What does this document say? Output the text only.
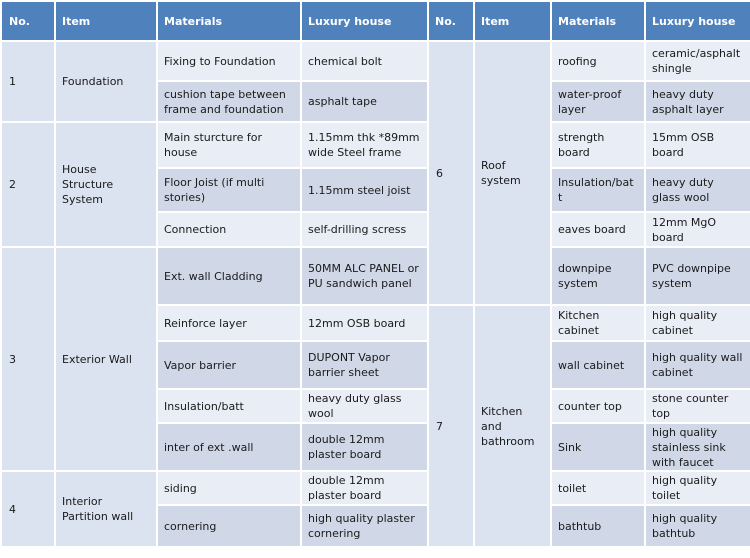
No.	Item	Materials	Luxury house	No.	Item	Materials	Luxury house
1	Foundation	Fixing to Foundation	chemical bolt	6	Roof system	roofing	ceramic/asphalt shingle
		cushion tape between frame and foundation	asphalt tape			water-proof layer	heavy duty asphalt layer
2	House Structure System	Main sturcture for house	1.15mm thk *89mm wide Steel frame			strength board	15mm OSB board
		Floor Joist (if multi stories)	1.15mm steel joist			Insulation/bat t	heavy duty glass wool
		Connection	self-drilling scress			eaves board	12mm MgO board
3	Exterior Wall	Ext. wall Cladding	50MM ALC PANEL or PU sandwich panel			downpipe system	PVC downpipe system
		Reinforce layer	12mm OSB board	7	Kitchen and bathroom	Kitchen cabinet	high quality cabinet
		Vapor barrier	DUPONT Vapor barrier sheet			wall cabinet	high quality wall cabinet
		Insulation/batt	heavy duty glass wool			counter top	stone counter top
		inter of ext .wall	double 12mm plaster board			Sink	high quality stainless sink with faucet
4	Interior Partition wall	siding	double 12mm plaster board			toilet	high quality toilet
		cornering	high quality plaster cornering			bathtub	high quality bathtub
